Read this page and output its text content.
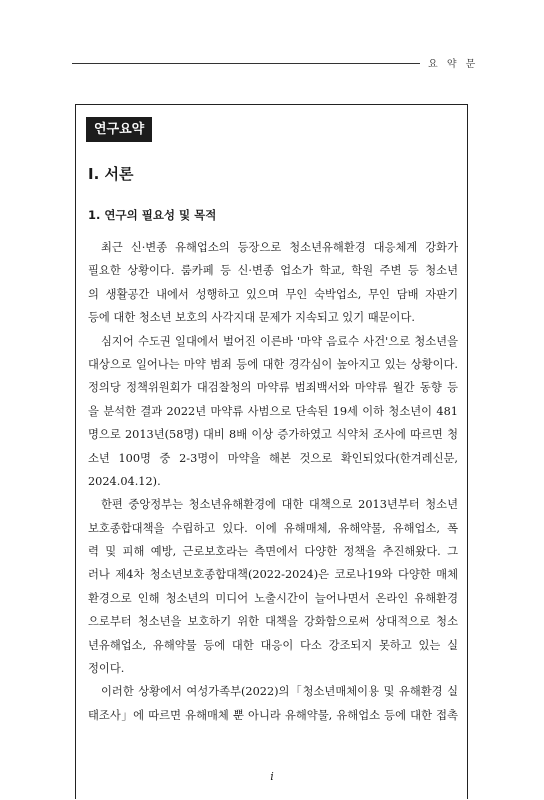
요 약 문
연구요약
Ⅰ. 서론
1. 연구의 필요성 및 목적
최근 신·변종 유해업소의 등장으로 청소년유해환경 대응체계 강화가
필요한 상황이다. 룸카페 등 신·변종 업소가 학교, 학원 주변 등 청소년
의 생활공간 내에서 성행하고 있으며 무인 숙박업소, 무인 담배 자판기
등에 대한 청소년 보호의 사각지대 문제가 지속되고 있기 때문이다.
심지어 수도권 일대에서 벌어진 이른바 '마약 음료수 사건'으로 청소년을
대상으로 일어나는 마약 범죄 등에 대한 경각심이 높아지고 있는 상황이다.
정의당 정책위원회가 대검찰청의 마약류 범죄백서와 마약류 월간 동향 등
을 분석한 결과 2022년 마약류 사범으로 단속된 19세 이하 청소년이 481
명으로 2013년(58명) 대비 8배 이상 증가하였고 식약처 조사에 따르면 청
소년 100명 중 2-3명이 마약을 해본 것으로 확인되었다(한겨레신문,
2024.04.12).
한편 중앙정부는 청소년유해환경에 대한 대책으로 2013년부터 청소년
보호종합대책을 수립하고 있다. 이에 유해매체, 유해약물, 유해업소, 폭
력 및 피해 예방, 근로보호라는 측면에서 다양한 정책을 추진해왔다. 그
러나 제4차 청소년보호종합대책(2022-2024)은 코로나19와 다양한 매체
환경으로 인해 청소년의 미디어 노출시간이 늘어나면서 온라인 유해환경
으로부터 청소년을 보호하기 위한 대책을 강화함으로써 상대적으로 청소
년유해업소, 유해약물 등에 대한 대응이 다소 강조되지 못하고 있는 실
정이다.
이러한 상황에서 여성가족부(2022)의「청소년매체이용 및 유해환경 실
태조사」에 따르면 유해매체 뿐 아니라 유해약물, 유해업소 등에 대한 접촉
i
